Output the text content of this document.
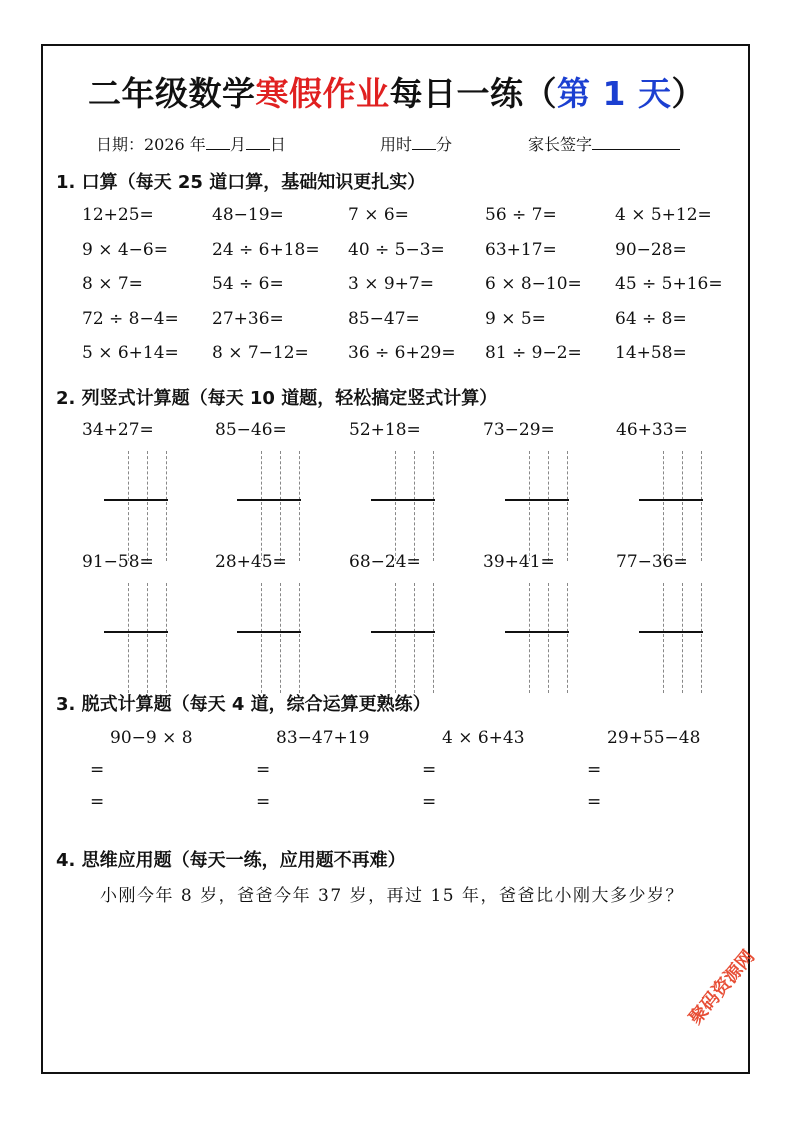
二年级数学寒假作业每日一练（第 1 天）
日期：2026 年 月 日	用时 分	家长签字
1. 口算（每天 25 道口算，基础知识更扎实）
12+25=	48−19=	7 × 6=	56 ÷ 7=	4 × 5+12=
9 × 4−6=	24 ÷ 6+18= 40 ÷ 5−3= 63+17=	90−28=
8 × 7=	54 ÷ 6=	3 × 9+7=	6 × 8−10= 45 ÷ 5+16=
72 ÷ 8−4= 27+36=	85−47=	9 × 5=	64 ÷ 8=
5 × 6+14= 8 × 7−12= 36 ÷ 6+29= 81 ÷ 9−2= 14+58=
2. 列竖式计算题（每天 10 道题，轻松搞定竖式计算）
34+27=	85−46=	52+18=	73−29=	46+33=
91−58=	28+45=	68−24=	39+41=	77−36=
3. 脱式计算题（每天 4 道，综合运算更熟练）
90−9 × 8
=
=
83−47+19
=
=
4 × 6+43
=
=
29+55−48
=
=
4. 思维应用题（每天一练，应用题不再难）
小刚今年 8 岁，爸爸今年 37 岁，再过 15 年，爸爸比小刚大多少岁？
聚码资源网
